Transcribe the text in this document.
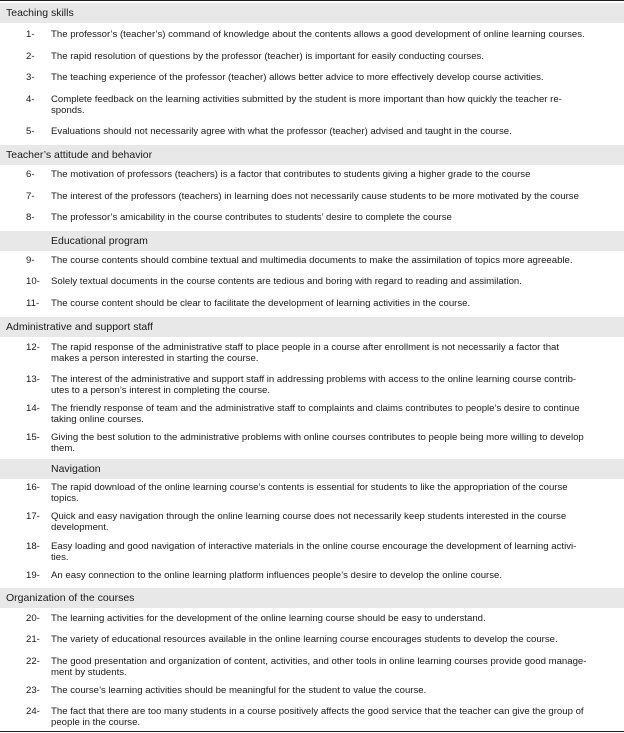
Teaching skills
1-	The professor’s (teacher’s) command of knowledge about the contents allows a good development of online learning courses.
2-	The rapid resolution of questions by the professor (teacher) is important for easily conducting courses.
3-	The teaching experience of the professor (teacher) allows better advice to more effectively develop course activities.
4-	Complete feedback on the learning activities submitted by the student is more important than how quickly the teacher re-
sponds.
5-	Evaluations should not necessarily agree with what the professor (teacher) advised and taught in the course.
Teacher’s attitude and behavior
6-	The motivation of professors (teachers) is a factor that contributes to students giving a higher grade to the course
7-	The interest of the professors (teachers) in learning does not necessarily cause students to be more motivated by the course
8-	The professor’s amicability in the course contributes to students’ desire to complete the course
Educational program
9-	The course contents should combine textual and multimedia documents to make the assimilation of topics more agreeable.
10-	Solely textual documents in the course contents are tedious and boring with regard to reading and assimilation.
11-	The course content should be clear to facilitate the development of learning activities in the course.
Administrative and support staff
12-	The rapid response of the administrative staff to place people in a course after enrollment is not necessarily a factor that
makes a person interested in starting the course.
13-	The interest of the administrative and support staff in addressing problems with access to the online learning course contrib-
utes to a person’s interest in completing the course.
14-	The friendly response of team and the administrative staff to complaints and claims contributes to people’s desire to continue
taking online courses.
15-	Giving the best solution to the administrative problems with online courses contributes to people being more willing to develop
them.
Navigation
16-	The rapid download of the online learning course’s contents is essential for students to like the appropriation of the course
topics.
17-	Quick and easy navigation through the online learning course does not necessarily keep students interested in the course
development.
18-	Easy loading and good navigation of interactive materials in the online course encourage the development of learning activi-
ties.
19-	An easy connection to the online learning platform influences people’s desire to develop the online course.
Organization of the courses
20-	The learning activities for the development of the online learning course should be easy to understand.
21-	The variety of educational resources available in the online learning course encourages students to develop the course.
22-	The good presentation and organization of content, activities, and other tools in online learning courses provide good manage-
ment by students.
23-	The course’s learning activities should be meaningful for the student to value the course.
24-	The fact that there are too many students in a course positively affects the good service that the teacher can give the group of
people in the course.
